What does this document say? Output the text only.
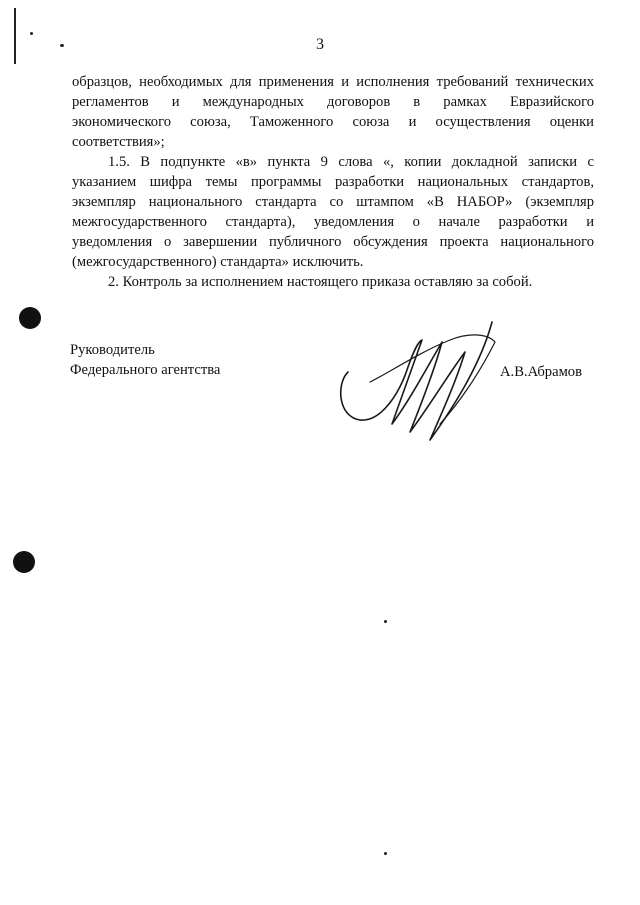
3

образцов, необходимых для применения и исполнения требований технических
регламентов и международных договоров в рамках Евразийского
экономического союза, Таможенного союза и осуществления оценки
соответствия»;

1.5. В подпункте «в» пункта 9 слова «, копии докладной записки с
указанием шифра темы программы разработки национальных стандартов,
экземпляр национального стандарта со штампом «В НАБОР» (экземпляр
межгосударственного стандарта), уведомления о начале разработки и
уведомления о завершении публичного обсуждения проекта национального
(межгосударственного) стандарта» исключить.

2. Контроль за исполнением настоящего приказа оставляю за собой.

Руководитель
Федерального агентства	А.В.Абрамов
